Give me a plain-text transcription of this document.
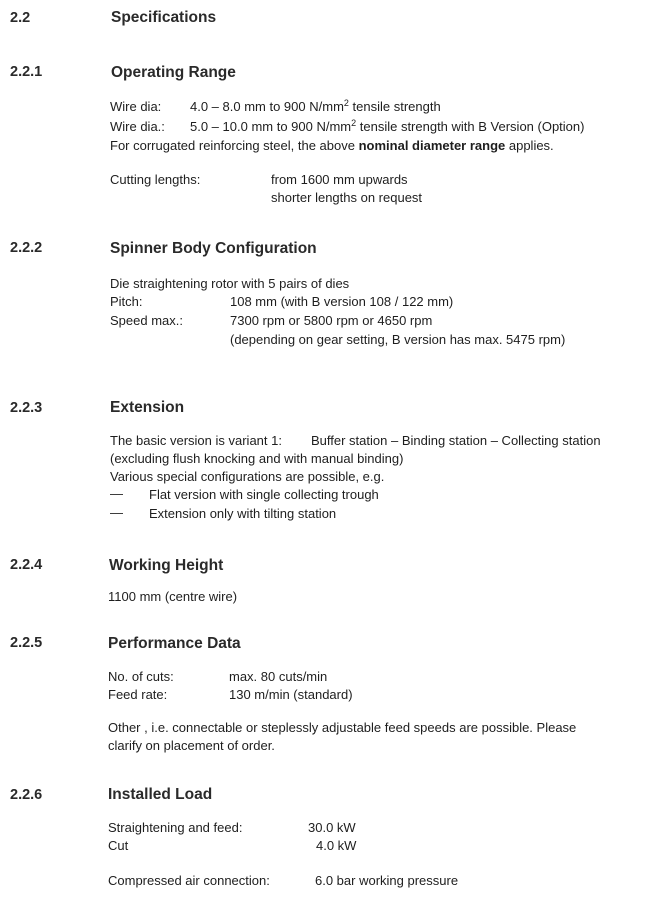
2.2	Specifications
2.2.1	Operating Range
Wire dia: 4.0 – 8.0 mm to 900 $N/mm^2$ tensile strength
Wire dia.: 5.0 – 10.0 mm to 900 $N/mm^2$ tensile strength with B Version (Option)
For corrugated reinforcing steel, the above nominal diameter range applies.
Cutting lengths:	from 1600 mm upwards
shorter lengths on request
2.2.2	Spinner Body Configuration
Die straightening rotor with 5 pairs of dies
Pitch:	108 mm (with B version 108 / 122 mm)
Speed max.:	7300 rpm or 5800 rpm or 4650 rpm
(depending on gear setting, B version has max. 5475 rpm)
2.2.3	Extension
The basic version is variant 1: Buffer station – Binding station – Collecting station
(excluding flush knocking and with manual binding)
Various special configurations are possible, e.g.
— Flat version with single collecting trough
— Extension only with tilting station
2.2.4	Working Height
1100 mm (centre wire)
2.2.5	Performance Data
No. of cuts:	max. 80 cuts/min
Feed rate:	130 m/min (standard)
Other , i.e. connectable or steplessly adjustable feed speeds are possible. Please
clarify on placement of order.
2.2.6	Installed Load
Straightening and feed:	30.0 kW
Cut	4.0 kW
Compressed air connection:	6.0 bar working pressure
